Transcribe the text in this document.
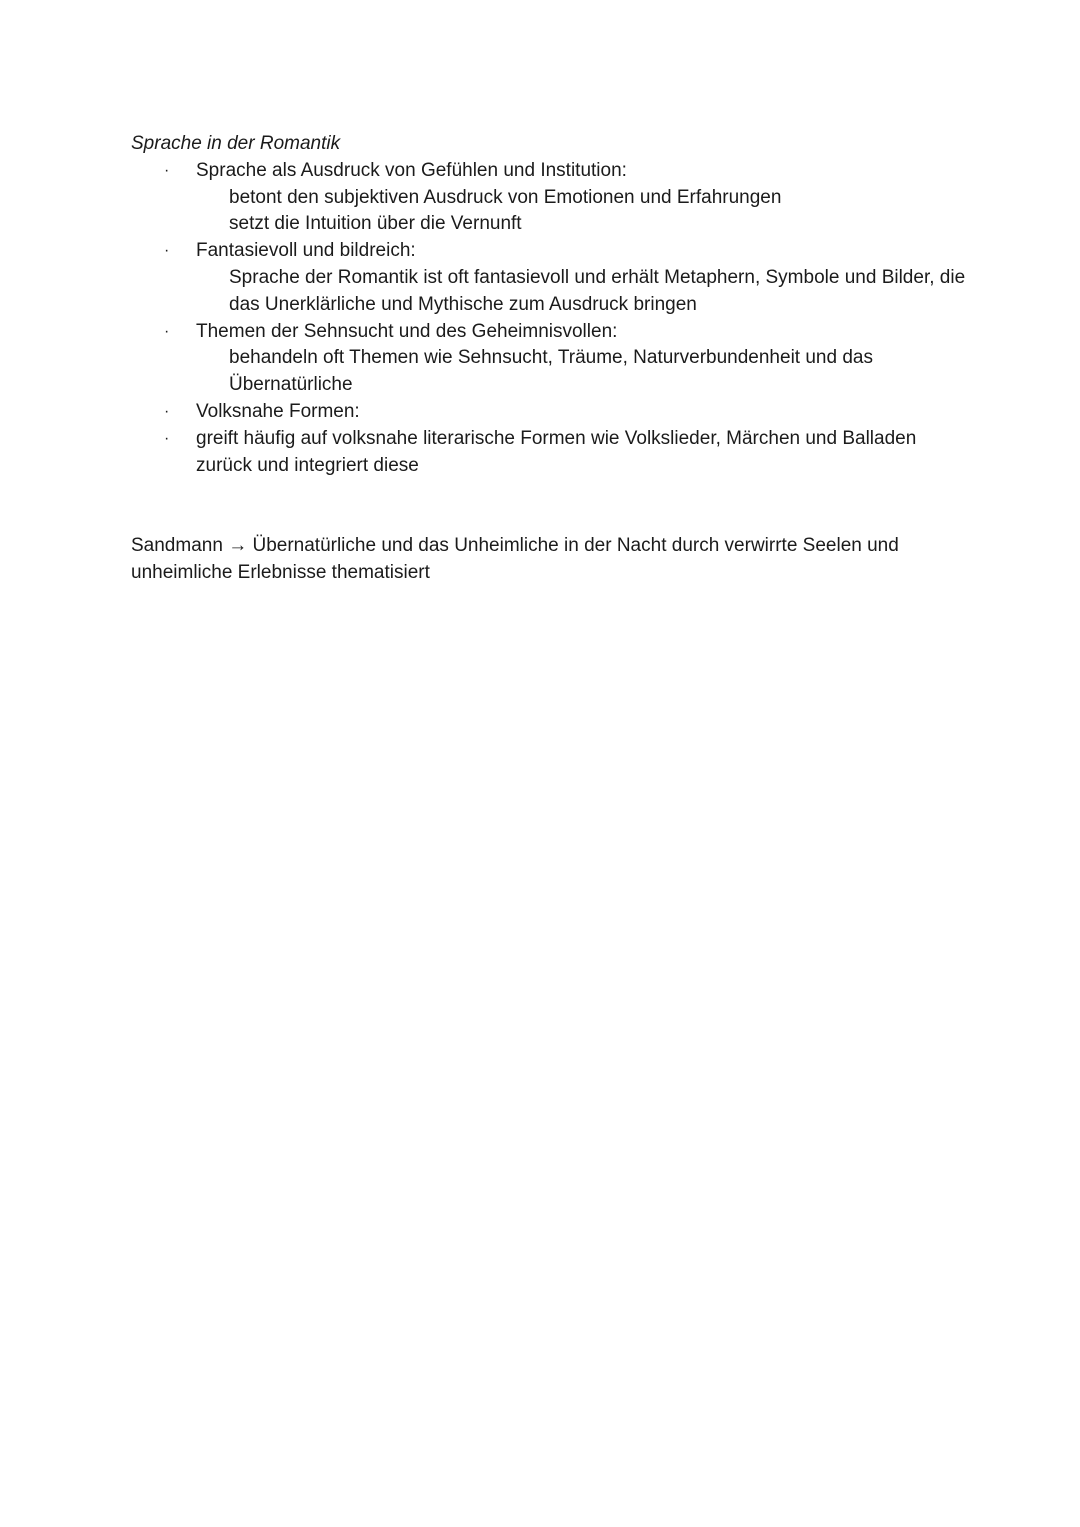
Sprache in der Romantik

· Sprache als Ausdruck von Gefühlen und Institution:
betont den subjektiven Ausdruck von Emotionen und Erfahrungen
setzt die Intuition über die Vernunft
· Fantasievoll und bildreich:
Sprache der Romantik ist oft fantasievoll und erhält Metaphern, Symbole und Bilder, die das Unerklärliche und Mythische zum Ausdruck bringen
· Themen der Sehnsucht und des Geheimnisvollen:
behandeln oft Themen wie Sehnsucht, Träume, Naturverbundenheit und das Übernatürliche
· Volksnahe Formen:
· greift häufig auf volksnahe literarische Formen wie Volkslieder, Märchen und Balladen zurück und integriert diese

Sandmann → Übernatürliche und das Unheimliche in der Nacht durch verwirrte Seelen und unheimliche Erlebnisse thematisiert
